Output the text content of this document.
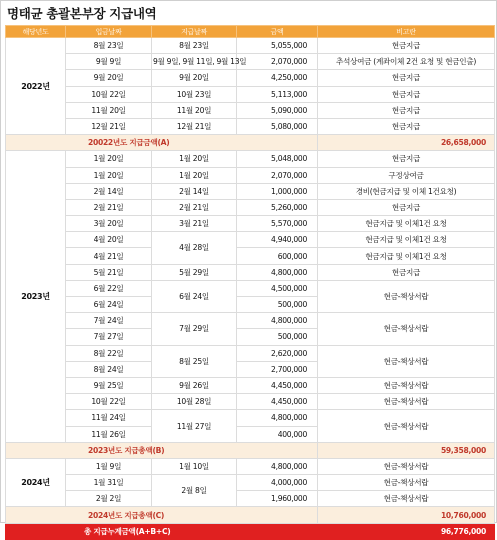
명태균 총괄본부장 지급내역
해당년도	입금날짜	지급날짜	금액	비고란
2022년	8월 23일	8월 23일	5,055,000	현금지급
	9월 9일	9월 9일, 9월 11일, 9월 13일	2,070,000	추석상여금 (계좌이체 2건 요청 및 현금인출)
	9월 20일	9월 20일	4,250,000	현금지급
	10월 22일	10월 23일	5,113,000	현금지급
	11월 20일	11월 20일	5,090,000	현금지급
	12월 21일	12월 21일	5,080,000	현금지급
20022년도 지급금액(A)				26,658,000
2023년	1월 20일	1월 20일	5,048,000	현금지급
	1월 20일	1월 20일	2,070,000	구정상여금
	2월 14일	2월 14일	1,000,000	경비(현금지급 및 이체 1건요청)
	2월 21일	2월 21일	5,260,000	현금지급
	3월 20일	3월 21일	5,570,000	현금지급 및 이체1건 요청
	4월 20일	4월 28일	4,940,000	현금지급 및 이체1건 요청
	4월 21일		600,000	현금지급 및 이체1건 요청
	5월 21일	5월 29일	4,800,000	현금지급
	6월 22일	6월 24일	4,500,000	현금-책상서랍
	6월 24일		500,000	
	7월 24일	7월 29일	4,800,000	현금-책상서랍
	7월 27일		500,000	
	8월 22일	8월 25일	2,620,000	현금-책상서랍
	8월 24일		2,700,000	
	9월 25일	9월 26일	4,450,000	현금-책상서랍
	10월 22일	10월 28일	4,450,000	현금-책상서랍
	11월 24일	11월 27일	4,800,000	현금-책상서랍
	11월 26일		400,000	
2023년도 지급총액(B)				59,358,000
2024년	1월 9일	1월 10일	4,800,000	현금-책상서랍
	1월 31일	2월 8일	4,000,000	현금-책상서랍
	2월 2일		1,960,000	현금-책상서랍
2024년도 지급총액(C)				10,760,000
총 지급누계금액(A+B+C)				96,776,000
